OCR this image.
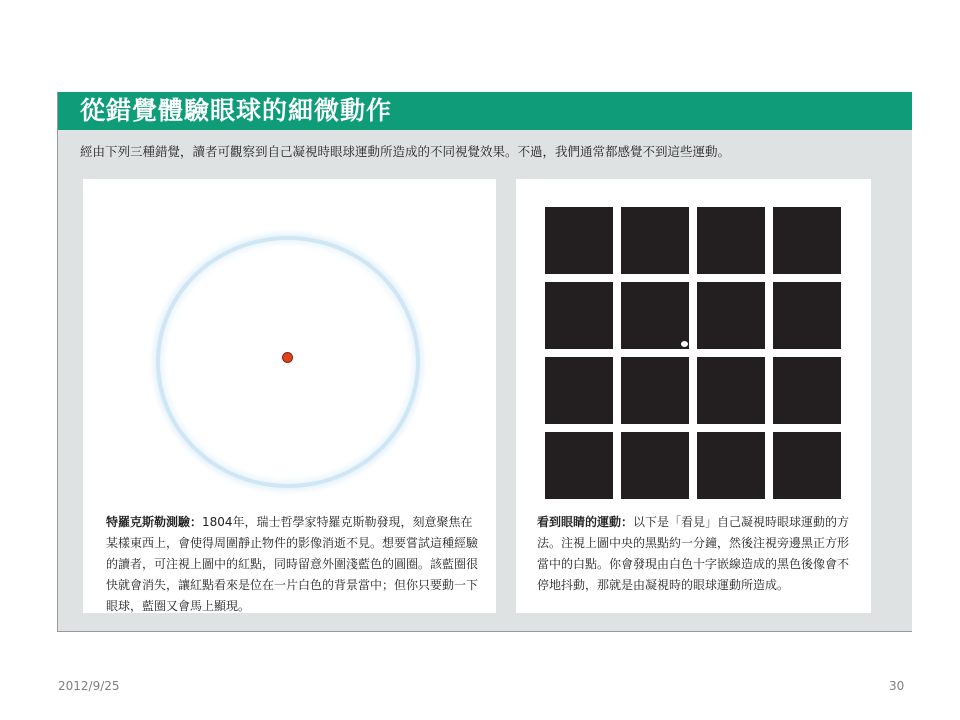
從錯覺體驗眼球的細微動作
經由下列三種錯覺，讀者可觀察到自己凝視時眼球運動所造成的不同視覺效果。不過，我們通常都感覺不到這些運動。
特羅克斯勒測驗：1804年，瑞士哲學家特羅克斯勒發現，刻意聚焦在某樣東西上，會使得周圍靜止物件的影像消逝不見。想要嘗試這種經驗的讀者，可注視上圖中的紅點，同時留意外圍淺藍色的圓圈。該藍圈很快就會消失，讓紅點看來是位在一片白色的背景當中；但你只要動一下眼球，藍圈又會馬上顯現。
看到眼睛的運動：以下是「看見」自己凝視時眼球運動的方法。注視上圖中央的黑點約一分鐘，然後注視旁邊黑正方形當中的白點。你會發現由白色十字嵌線造成的黑色後像會不停地抖動，那就是由凝視時的眼球運動所造成。
2012/9/25	30
